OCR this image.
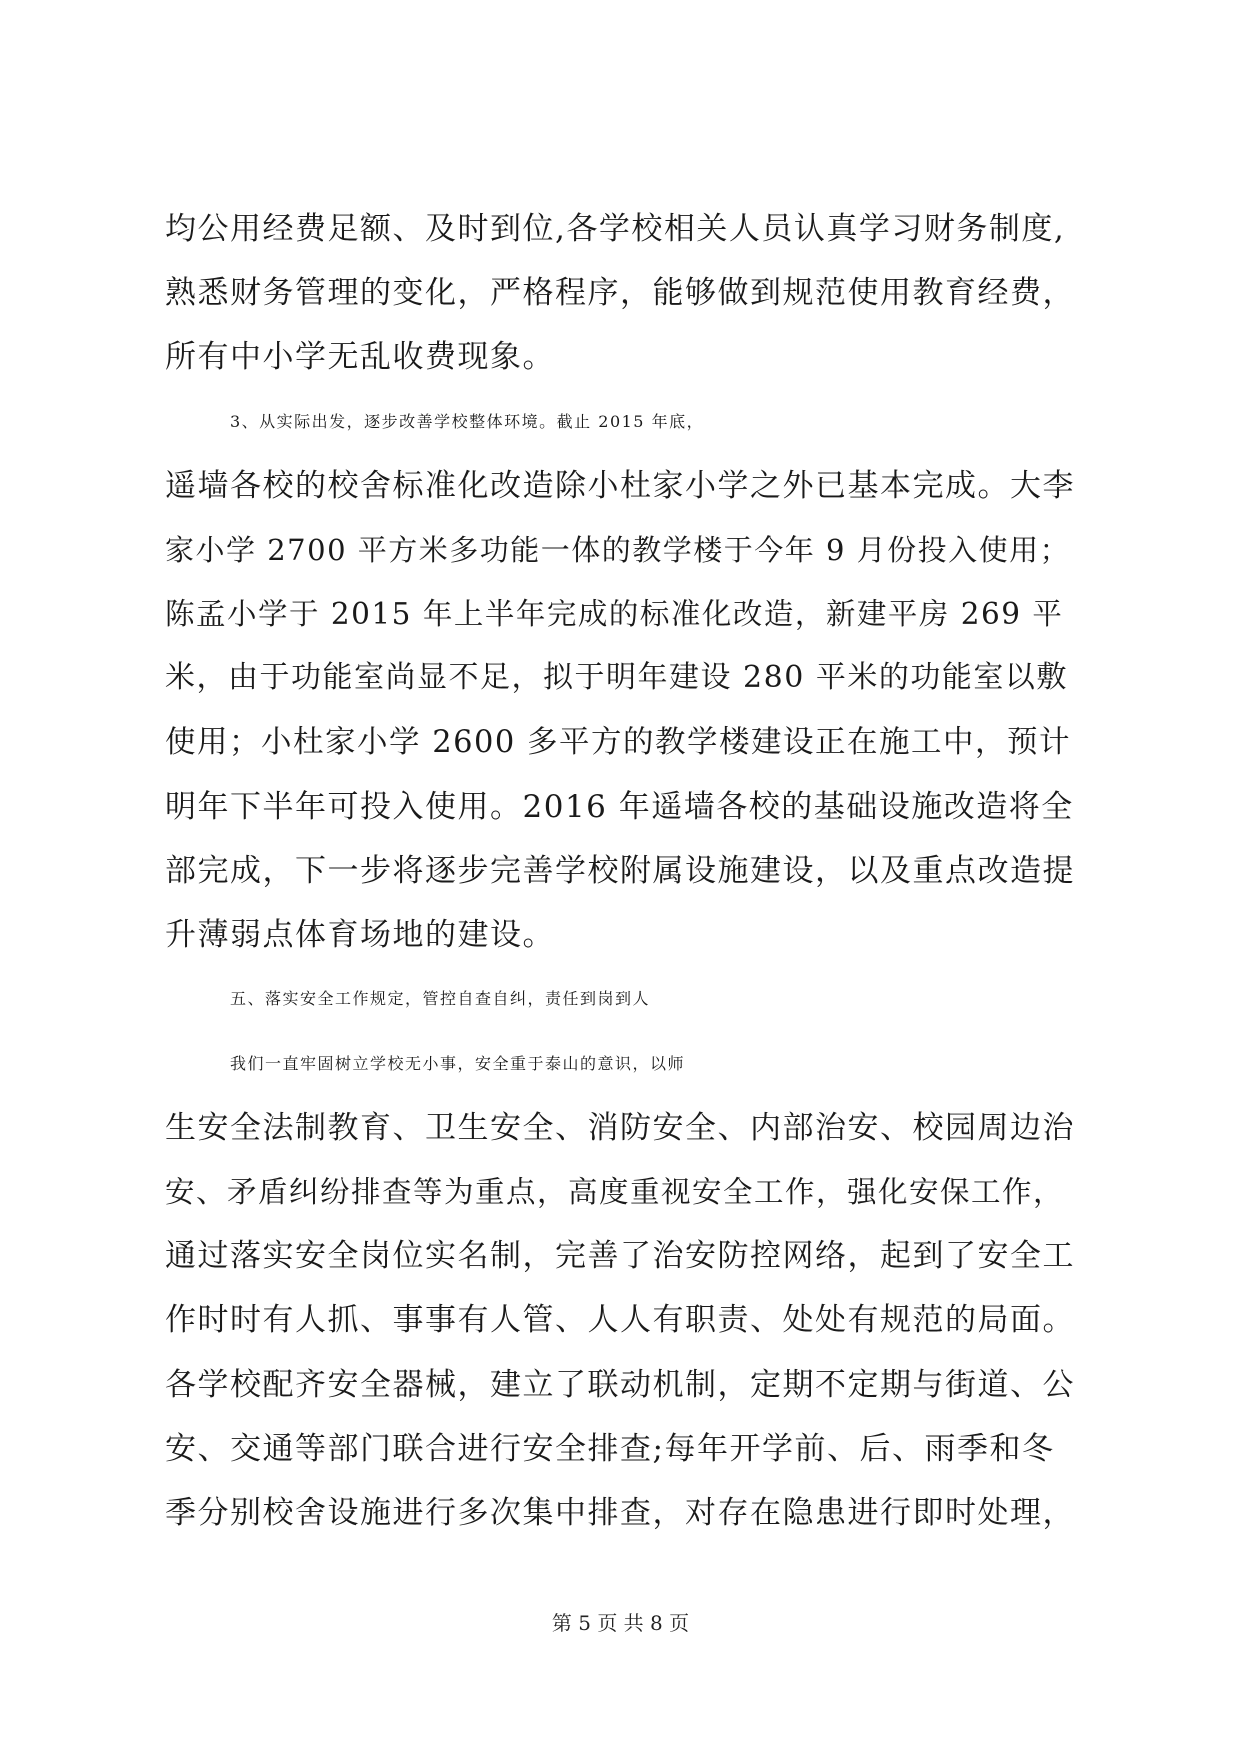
均公用经费足额、及时到位,各学校相关人员认真学习财务制度,
熟悉财务管理的变化，严格程序，能够做到规范使用教育经费，
所有中小学无乱收费现象。
3、从实际出发，逐步改善学校整体环境。截止 2015 年底，
遥墙各校的校舍标准化改造除小杜家小学之外已基本完成。大李
家小学 2700 平方米多功能一体的教学楼于今年 9 月份投入使用；
陈孟小学于 2015 年上半年完成的标准化改造，新建平房 269 平
米，由于功能室尚显不足，拟于明年建设 280 平米的功能室以敷
使用；小杜家小学 2600 多平方的教学楼建设正在施工中，预计
明年下半年可投入使用。2016 年遥墙各校的基础设施改造将全
部完成，下一步将逐步完善学校附属设施建设，以及重点改造提
升薄弱点体育场地的建设。
五、落实安全工作规定，管控自查自纠，责任到岗到人
我们一直牢固树立学校无小事，安全重于泰山的意识，以师
生安全法制教育、卫生安全、消防安全、内部治安、校园周边治
安、矛盾纠纷排查等为重点，高度重视安全工作，强化安保工作，
通过落实安全岗位实名制，完善了治安防控网络，起到了安全工
作时时有人抓、事事有人管、人人有职责、处处有规范的局面。
各学校配齐安全器械，建立了联动机制，定期不定期与街道、公
安、交通等部门联合进行安全排查;每年开学前、后、雨季和冬
季分别校舍设施进行多次集中排查，对存在隐患进行即时处理，
第 5 页 共 8 页
